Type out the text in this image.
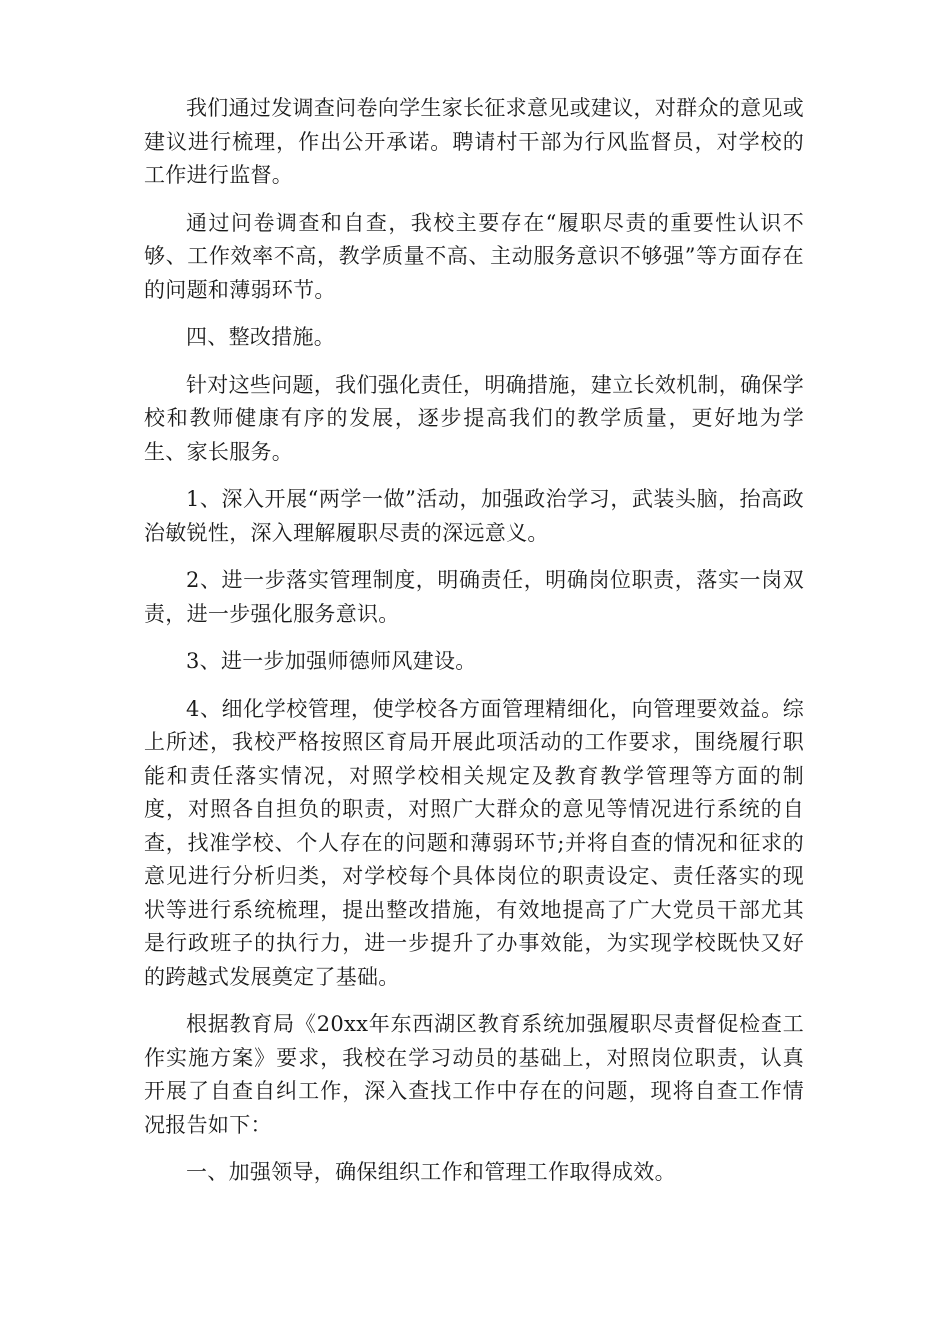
我们通过发调查问卷向学生家长征求意见或建议，对群众的意见或建议进行梳理，作出公开承诺。聘请村干部为行风监督员，对学校的工作进行监督。

通过问卷调查和自查，我校主要存在“履职尽责的重要性认识不够、工作效率不高，教学质量不高、主动服务意识不够强”等方面存在的问题和薄弱环节。

四、整改措施。

针对这些问题，我们强化责任，明确措施，建立长效机制，确保学校和教师健康有序的发展，逐步提高我们的教学质量，更好地为学生、家长服务。

1、深入开展“两学一做”活动，加强政治学习，武装头脑，抬高政治敏锐性，深入理解履职尽责的深远意义。

2、进一步落实管理制度，明确责任，明确岗位职责，落实一岗双责，进一步强化服务意识。

3、进一步加强师德师风建设。

4、细化学校管理，使学校各方面管理精细化，向管理要效益。综上所述，我校严格按照区育局开展此项活动的工作要求，围绕履行职能和责任落实情况，对照学校相关规定及教育教学管理等方面的制度，对照各自担负的职责，对照广大群众的意见等情况进行系统的自查，找准学校、个人存在的问题和薄弱环节;并将自查的情况和征求的意见进行分析归类，对学校每个具体岗位的职责设定、责任落实的现状等进行系统梳理，提出整改措施，有效地提高了广大党员干部尤其是行政班子的执行力，进一步提升了办事效能，为实现学校既快又好的跨越式发展奠定了基础。

根据教育局《20xx年东西湖区教育系统加强履职尽责督促检查工作实施方案》要求，我校在学习动员的基础上，对照岗位职责，认真开展了自查自纠工作，深入查找工作中存在的问题，现将自查工作情况报告如下：

一、加强领导，确保组织工作和管理工作取得成效。
